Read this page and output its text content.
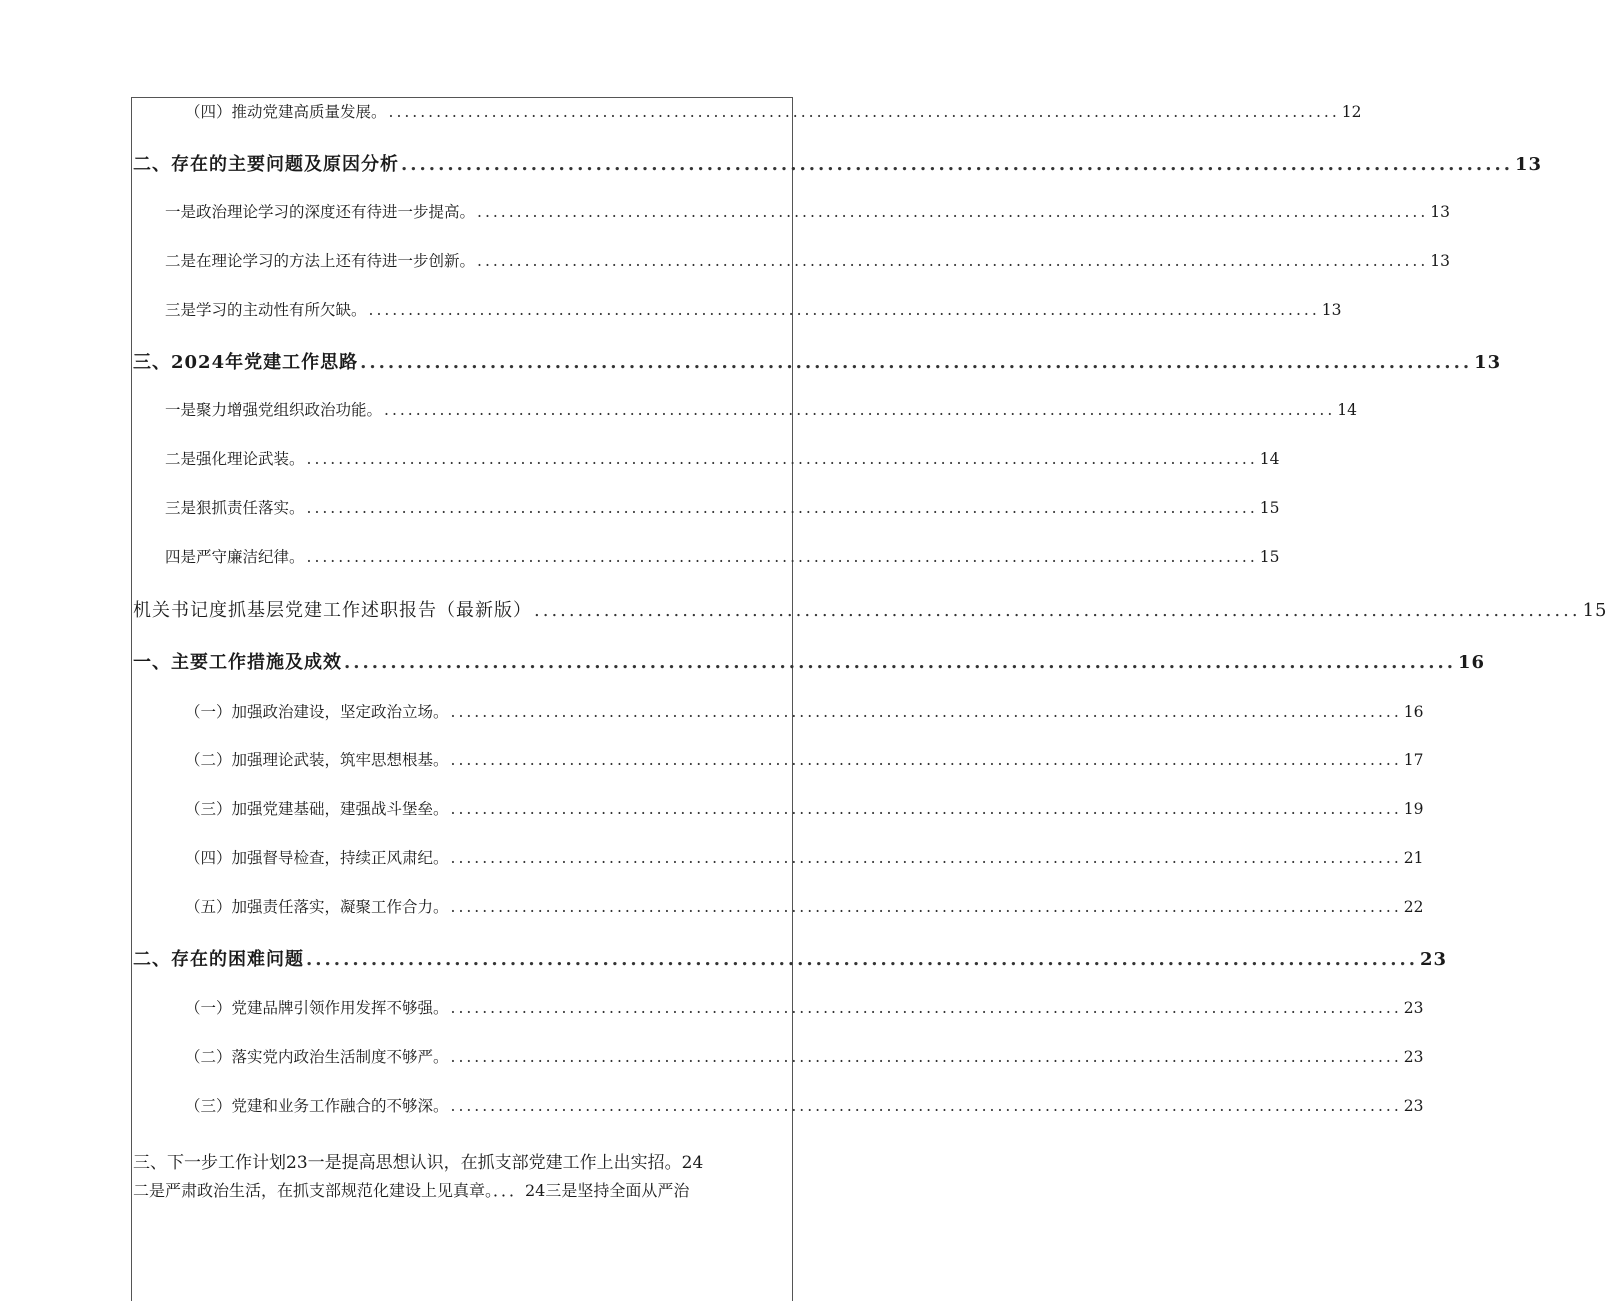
（四）推动党建高质量发展。 ........................................................................................................................ 12
二、存在的主要问题及原因分析 ........................................................................................................................ 13
一是政治理论学习的深度还有待进一步提高。 ........................................................................................................................ 13
二是在理论学习的方法上还有待进一步创新。 ........................................................................................................................ 13
三是学习的主动性有所欠缺。 ........................................................................................................................ 13
三、2024年党建工作思路 ........................................................................................................................ 13
一是聚力增强党组织政治功能。 ........................................................................................................................ 14
二是强化理论武装。 ........................................................................................................................ 14
三是狠抓责任落实。 ........................................................................................................................ 15
四是严守廉洁纪律。 ........................................................................................................................ 15
机关书记度抓基层党建工作述职报告（最新版） ........................................................................................................................ 15
一、主要工作措施及成效 ........................................................................................................................ 16
（一）加强政治建设，坚定政治立场。 ........................................................................................................................ 16
（二）加强理论武装，筑牢思想根基。 ........................................................................................................................ 17
（三）加强党建基础，建强战斗堡垒。 ........................................................................................................................ 19
（四）加强督导检查，持续正风肃纪。 ........................................................................................................................ 21
（五）加强责任落实，凝聚工作合力。 ........................................................................................................................ 22
二、存在的困难问题 ........................................................................................................................ 23
（一）党建品牌引领作用发挥不够强。 ........................................................................................................................ 23
（二）落实党内政治生活制度不够严。 ........................................................................................................................ 23
（三）党建和业务工作融合的不够深。 ........................................................................................................................ 23
三、下一步工作计划23一是提高思想认识，在抓支部党建工作上出实招。24
二是严肃政治生活，在抓支部规范化建设上见真章。．．．24三是坚持全面从严治
